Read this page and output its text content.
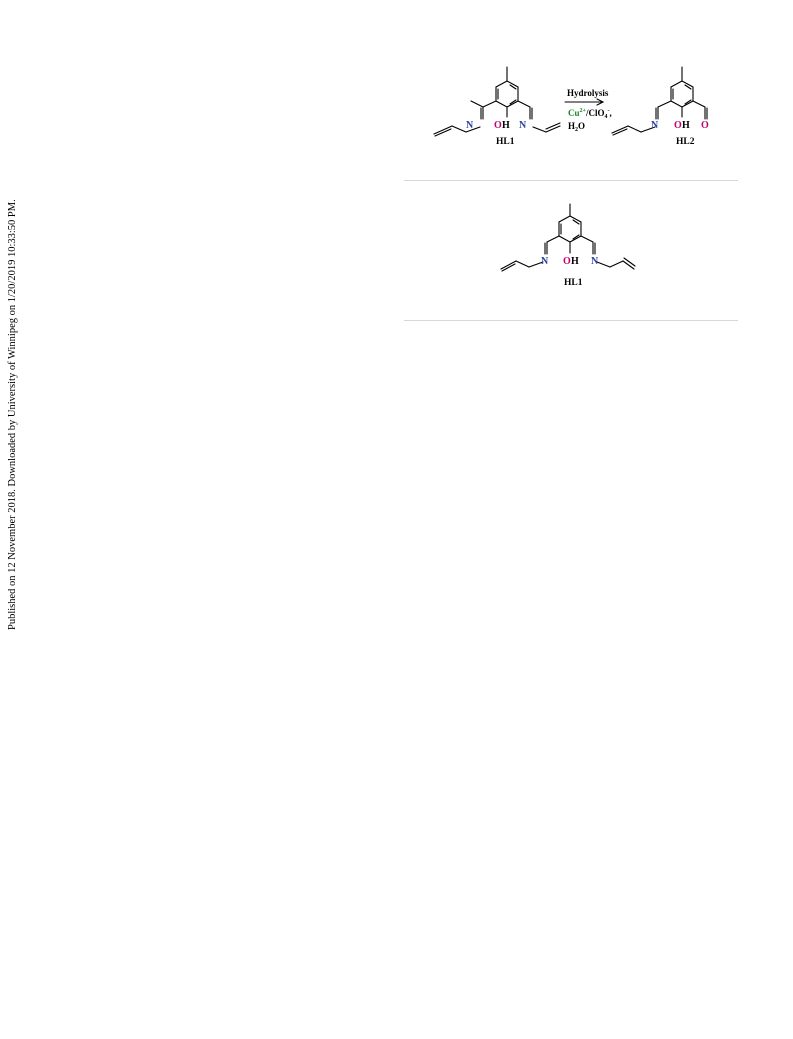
Published on 12 November 2018. Downloaded by University of Winnipeg on 1/20/2019 10:33:50 PM.
N	N
O H
HL1
Hydrolysis
$Cu^{2+}/ClO_4^-$,
$H_2O$	N O H O
HL2
N	N
O H
HL1
